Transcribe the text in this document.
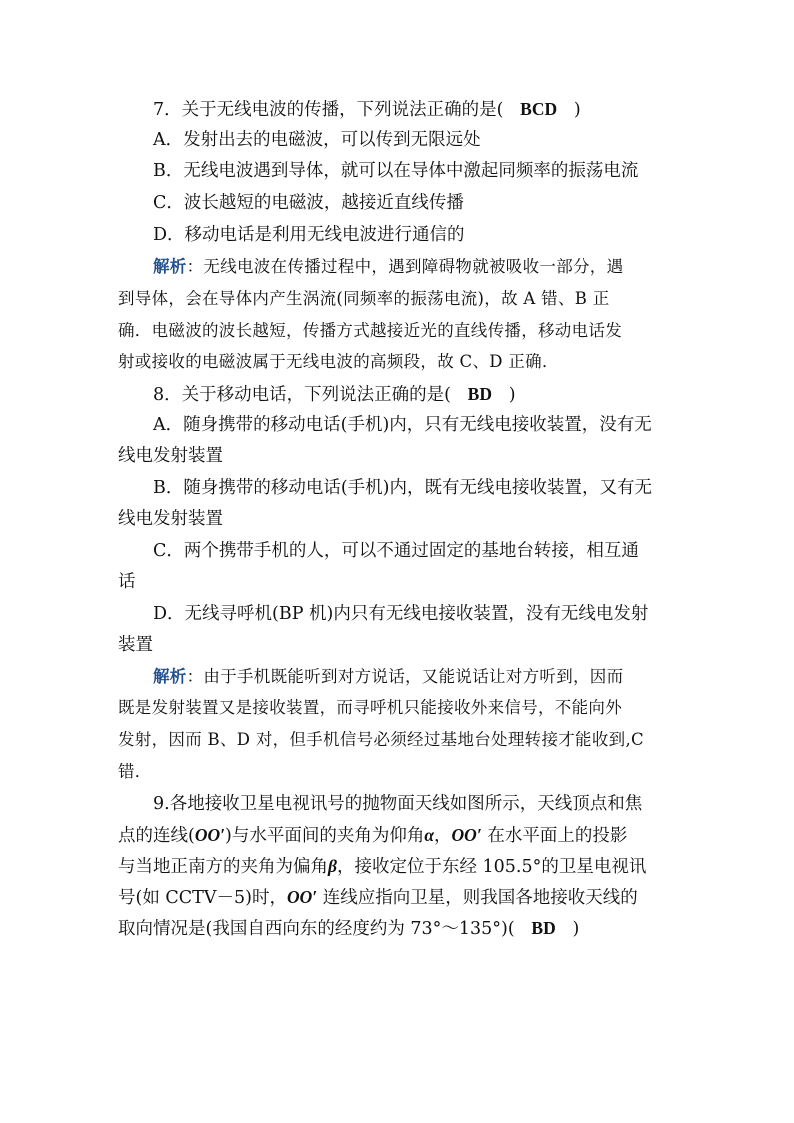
7．关于无线电波的传播，下列说法正确的是( BCD )
A．发射出去的电磁波，可以传到无限远处
B．无线电波遇到导体，就可以在导体中激起同频率的振荡电流
C．波长越短的电磁波，越接近直线传播
D．移动电话是利用无线电波进行通信的
解析：无线电波在传播过程中，遇到障碍物就被吸收一部分，遇
到导体，会在导体内产生涡流(同频率的振荡电流)，故 A 错、B 正
确．电磁波的波长越短，传播方式越接近光的直线传播，移动电话发
射或接收的电磁波属于无线电波的高频段，故 C、D 正确．
8．关于移动电话，下列说法正确的是( BD )
A．随身携带的移动电话(手机)内，只有无线电接收装置，没有无
线电发射装置
B．随身携带的移动电话(手机)内，既有无线电接收装置，又有无
线电发射装置
C．两个携带手机的人，可以不通过固定的基地台转接，相互通
话
D．无线寻呼机(BP 机)内只有无线电接收装置，没有无线电发射
装置
解析：由于手机既能听到对方说话，又能说话让对方听到，因而
既是发射装置又是接收装置，而寻呼机只能接收外来信号，不能向外
发射，因而 B、D 对，但手机信号必须经过基地台处理转接才能收到,C
错．
9.各地接收卫星电视讯号的抛物面天线如图所示，天线顶点和焦
点的连线(OO′)与水平面间的夹角为仰角α，OO′ 在水平面上的投影
与当地正南方的夹角为偏角β，接收定位于东经 105.5°的卫星电视讯
号(如 CCTV－5)时，OO′ 连线应指向卫星，则我国各地接收天线的
取向情况是(我国自西向东的经度约为 73°～135°)( BD )
